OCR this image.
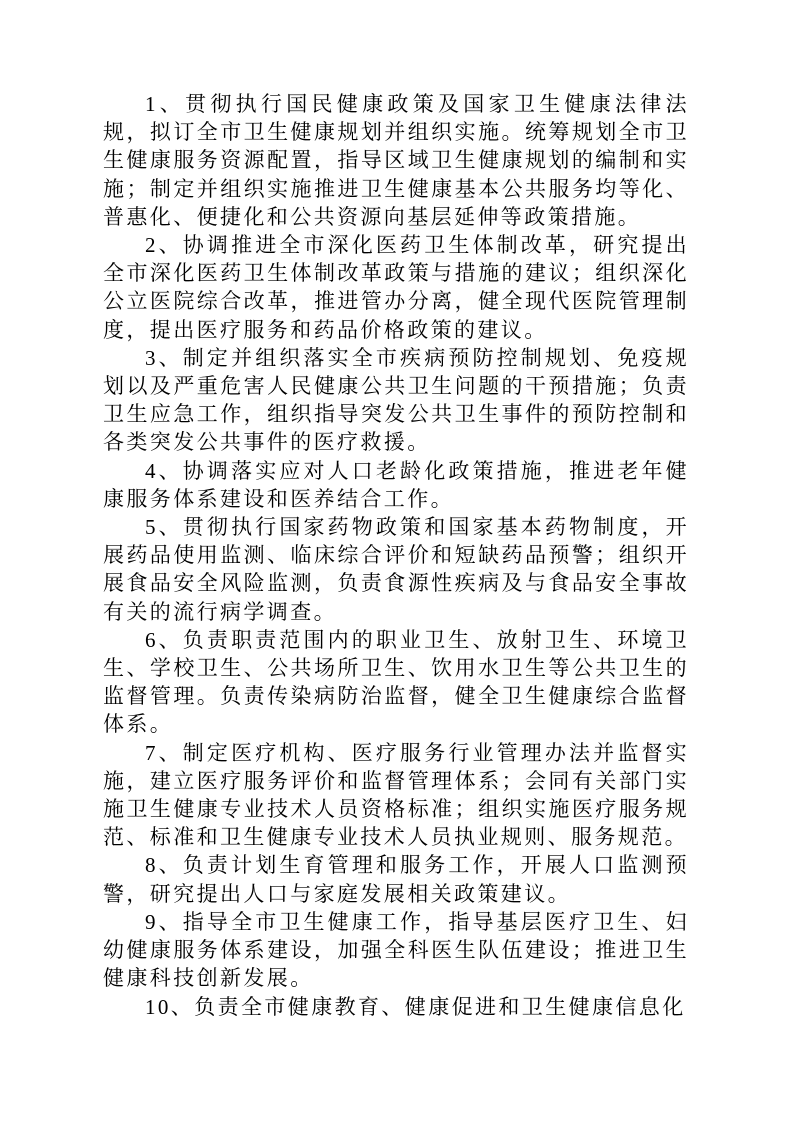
1、贯彻执行国民健康政策及国家卫生健康法律法规，拟订全市卫生健康规划并组织实施。统筹规划全市卫生健康服务资源配置，指导区域卫生健康规划的编制和实施；制定并组织实施推进卫生健康基本公共服务均等化、普惠化、便捷化和公共资源向基层延伸等政策措施。

2、协调推进全市深化医药卫生体制改革，研究提出全市深化医药卫生体制改革政策与措施的建议；组织深化公立医院综合改革，推进管办分离，健全现代医院管理制度，提出医疗服务和药品价格政策的建议。

3、制定并组织落实全市疾病预防控制规划、免疫规划以及严重危害人民健康公共卫生问题的干预措施；负责卫生应急工作，组织指导突发公共卫生事件的预防控制和各类突发公共事件的医疗救援。

4、协调落实应对人口老龄化政策措施，推进老年健康服务体系建设和医养结合工作。

5、贯彻执行国家药物政策和国家基本药物制度，开展药品使用监测、临床综合评价和短缺药品预警；组织开展食品安全风险监测，负责食源性疾病及与食品安全事故有关的流行病学调查。

6、负责职责范围内的职业卫生、放射卫生、环境卫生、学校卫生、公共场所卫生、饮用水卫生等公共卫生的监督管理。负责传染病防治监督，健全卫生健康综合监督体系。

7、制定医疗机构、医疗服务行业管理办法并监督实施，建立医疗服务评价和监督管理体系；会同有关部门实施卫生健康专业技术人员资格标准；组织实施医疗服务规范、标准和卫生健康专业技术人员执业规则、服务规范。

8、负责计划生育管理和服务工作，开展人口监测预警，研究提出人口与家庭发展相关政策建议。

9、指导全市卫生健康工作，指导基层医疗卫生、妇幼健康服务体系建设，加强全科医生队伍建设；推进卫生健康科技创新发展。

10、负责全市健康教育、健康促进和卫生健康信息化
